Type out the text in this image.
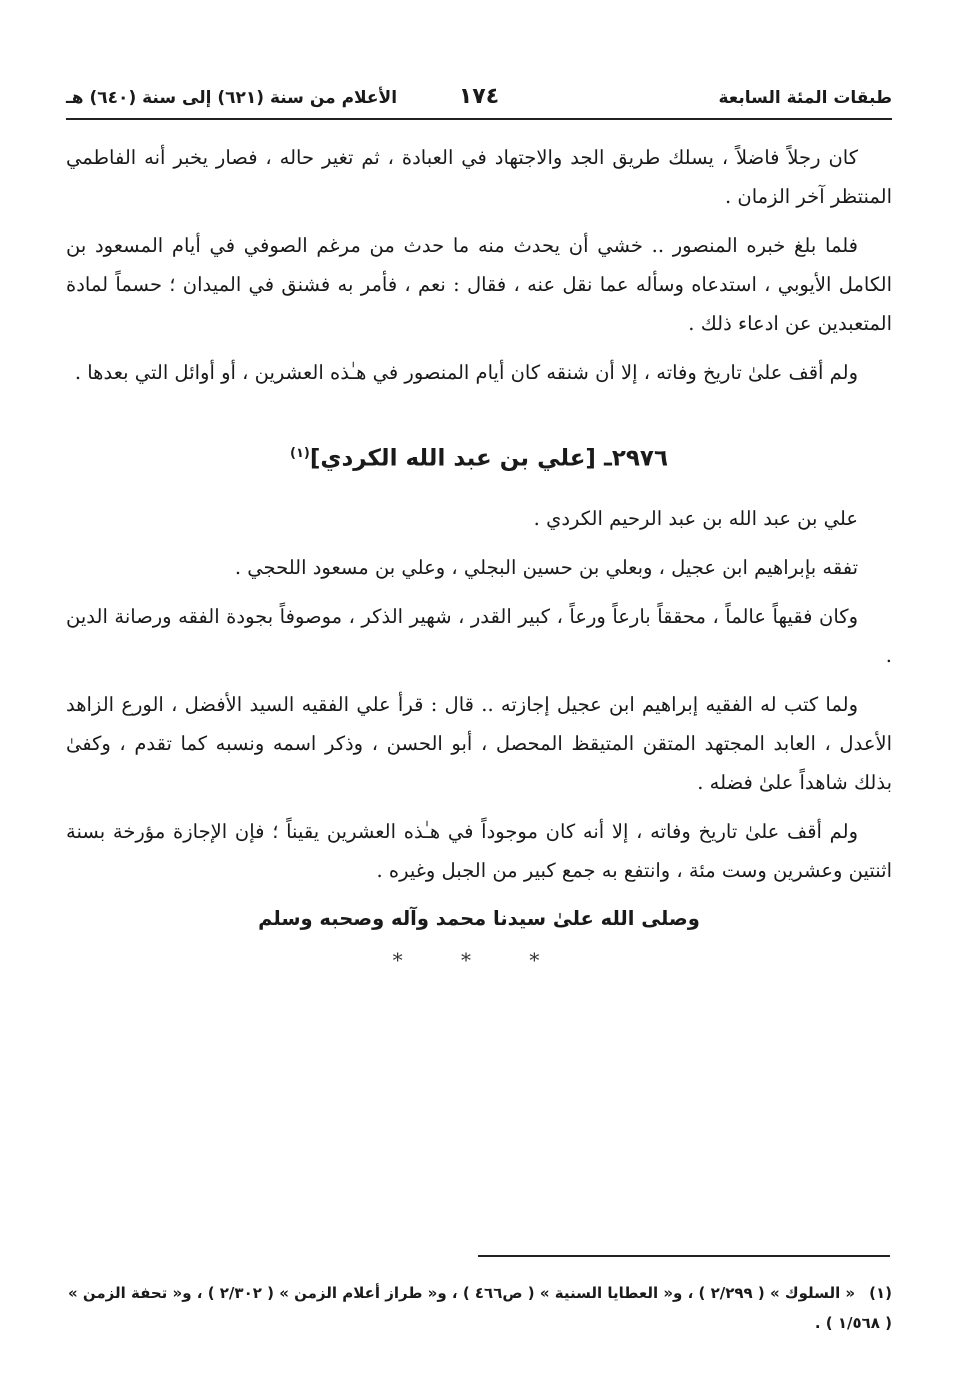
طبقات المئة السابعة
١٧٤
الأعلام من سنة (٦٢١) إلى سنة (٦٤٠) هـ

كان رجلاً فاضلاً ، يسلك طريق الجد والاجتهاد في العبادة ، ثم تغير حاله ، فصار يخبر أنه الفاطمي المنتظر آخر الزمان .

فلما بلغ خبره المنصور .. خشي أن يحدث منه ما حدث من مرغم الصوفي في أيام المسعود بن الكامل الأيوبي ، استدعاه وسأله عما نقل عنه ، فقال : نعم ، فأمر به فشنق في الميدان ؛ حسماً لمادة المتعبدين عن ادعاء ذلك .

ولم أقف علىٰ تاريخ وفاته ، إلا أن شنقه كان أيام المنصور في هـٰذه العشرين ، أو أوائل التي بعدها .

٢٩٧٦ـ [علي بن عبد الله الكردي]$^{(١)}$

علي بن عبد الله بن عبد الرحيم الكردي .

تفقه بإبراهيم ابن عجيل ، وبعلي بن حسين البجلي ، وعلي بن مسعود اللحجي .

وكان فقيهاً عالماً ، محققاً بارعاً ورعاً ، كبير القدر ، شهير الذكر ، موصوفاً بجودة الفقه ورصانة الدين .

ولما كتب له الفقيه إبراهيم ابن عجيل إجازته .. قال : قرأ علي الفقيه السيد الأفضل ، الورع الزاهد الأعدل ، العابد المجتهد المتقن المتيقظ المحصل ، أبو الحسن ، وذكر اسمه ونسبه كما تقدم ، وكفىٰ بذلك شاهداً علىٰ فضله .

ولم أقف علىٰ تاريخ وفاته ، إلا أنه كان موجوداً في هـٰذه العشرين يقيناً ؛ فإن الإجازة مؤرخة بسنة اثنتين وعشرين وست مئة ، وانتفع به جمع كبير من الجبل وغيره .

وصلى الله علىٰ سيدنا محمد وآله وصحبه وسلم
* * *
(١)« السلوك » ( ٢/٢٩٩ ) ، و« العطايا السنية » ( ص٤٦٦ ) ، و« طراز أعلام الزمن » ( ٢/٣٠٢ ) ، و« تحفة الزمن » ( ١/٥٦٨ ) .
